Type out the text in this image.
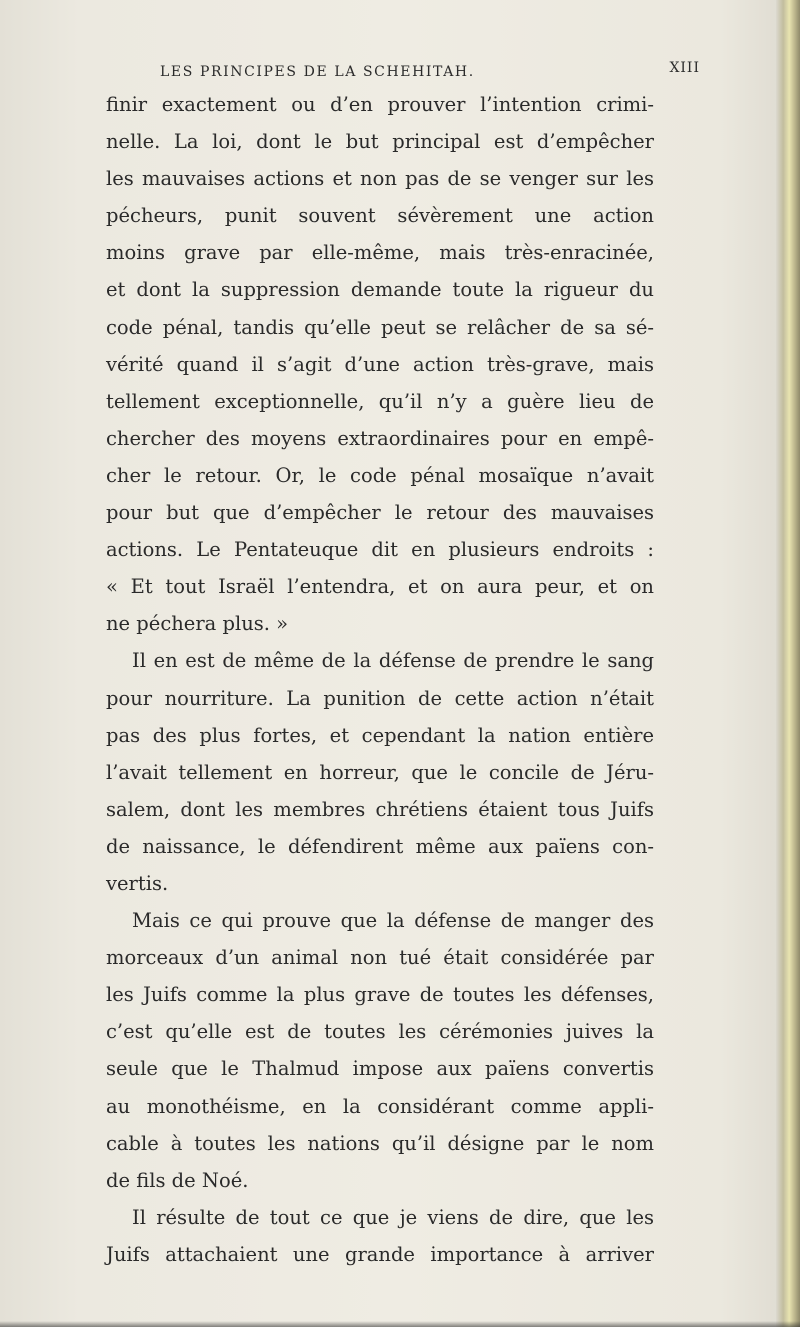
LES PRINCIPES DE LA SCHEHITAH.	XIII
finir exactement ou d’en prouver l’intention crimi-
nelle. La loi, dont le but principal est d’empêcher
les mauvaises actions et non pas de se venger sur les
pécheurs, punit souvent sévèrement une action
moins grave par elle-même, mais très-enracinée,
et dont la suppression demande toute la rigueur du
code pénal, tandis qu’elle peut se relâcher de sa sé-
vérité quand il s’agit d’une action très-grave, mais
tellement exceptionnelle, qu’il n’y a guère lieu de
chercher des moyens extraordinaires pour en empê-
cher le retour. Or, le code pénal mosaïque n’avait
pour but que d’empêcher le retour des mauvaises
actions. Le Pentateuque dit en plusieurs endroits :
« Et tout Israël l’entendra, et on aura peur, et on
ne péchera plus. »
Il en est de même de la défense de prendre le sang
pour nourriture. La punition de cette action n’était
pas des plus fortes, et cependant la nation entière
l’avait tellement en horreur, que le concile de Jéru-
salem, dont les membres chrétiens étaient tous Juifs
de naissance, le défendirent même aux païens con-
vertis.
Mais ce qui prouve que la défense de manger des
morceaux d’un animal non tué était considérée par
les Juifs comme la plus grave de toutes les défenses,
c’est qu’elle est de toutes les cérémonies juives la
seule que le Thalmud impose aux païens convertis
au monothéisme, en la considérant comme appli-
cable à toutes les nations qu’il désigne par le nom
de fils de Noé.
Il résulte de tout ce que je viens de dire, que les
Juifs attachaient une grande importance à arriver
